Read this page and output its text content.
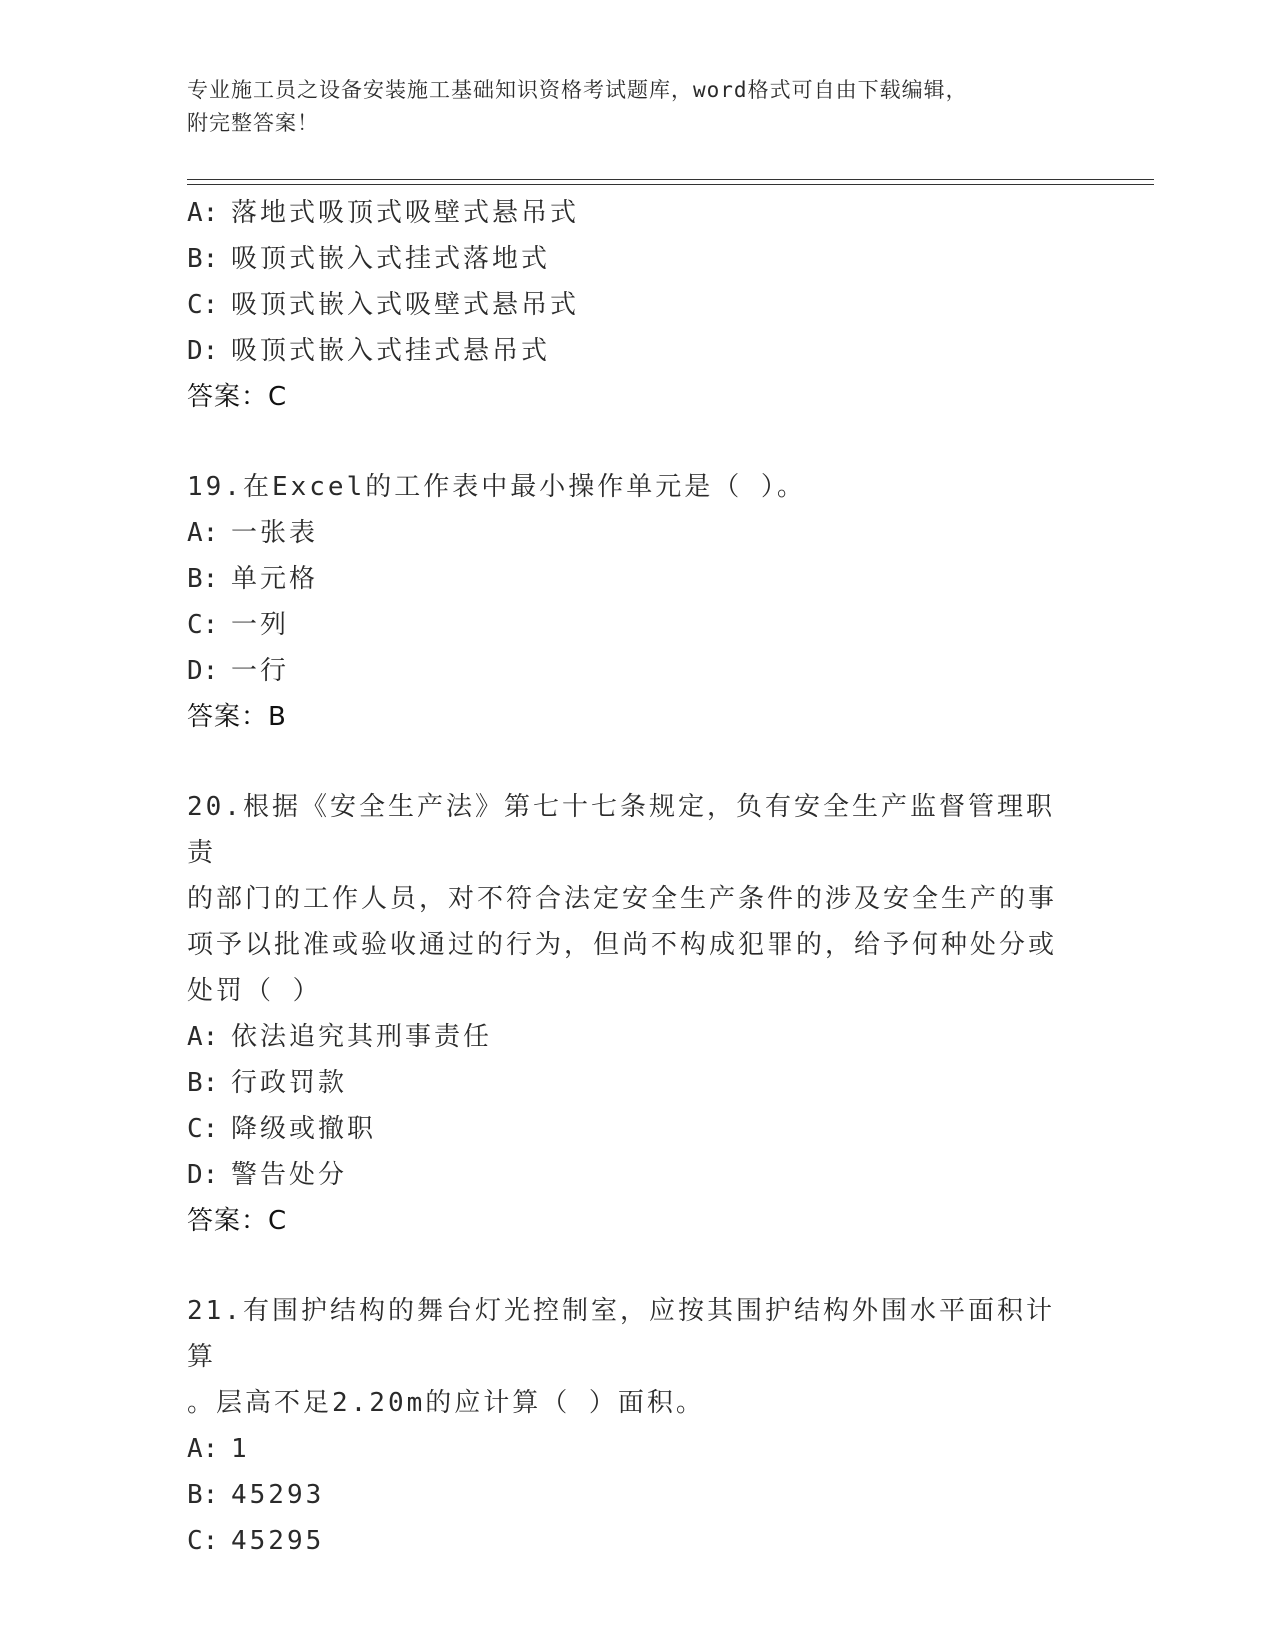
专业施工员之设备安装施工基础知识资格考试题库，word格式可自由下载编辑，
附完整答案！
A: 落地式吸顶式吸壁式悬吊式
B: 吸顶式嵌入式挂式落地式
C: 吸顶式嵌入式吸壁式悬吊式
D: 吸顶式嵌入式挂式悬吊式
答案：C
19.在Excel的工作表中最小操作单元是（ ）。
A: 一张表
B: 单元格
C: 一列
D: 一行
答案：B
20.根据《安全生产法》第七十七条规定，负有安全生产监督管理职责
的部门的工作人员，对不符合法定安全生产条件的涉及安全生产的事
项予以批准或验收通过的行为，但尚不构成犯罪的，给予何种处分或
处罚（ ）
A: 依法追究其刑事责任
B: 行政罚款
C: 降级或撤职
D: 警告处分
答案：C
21.有围护结构的舞台灯光控制室，应按其围护结构外围水平面积计算
。层高不足2.20m的应计算（ ）面积。
A: 1
B: 45293
C: 45295
